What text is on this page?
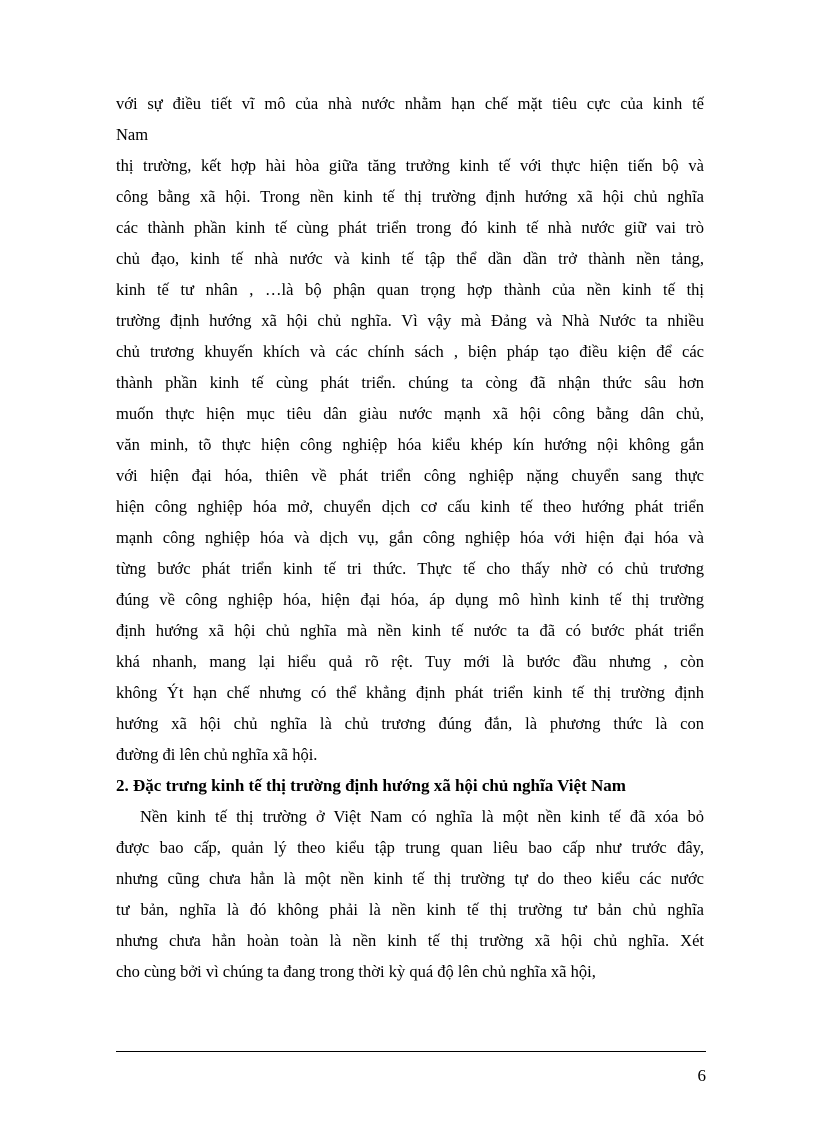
với sự điều tiết vĩ mô của nhà nước nhằm hạn chế mặt tiêu cực của kinh tế
Nam
thị trường, kết hợp hài hòa giữa tăng trưởng kinh tế với thực hiện tiến bộ và
công bằng xã hội. Trong nền kinh tế thị trường định hướng xã hội chủ nghĩa
các thành phần kinh tế cùng phát triển trong đó kinh tế nhà nước giữ vai trò
chủ đạo, kinh tế nhà nước và kinh tế tập thể dần dần trở thành nền tảng,
kinh tế tư nhân , …là bộ phận quan trọng hợp thành của nền kinh tế thị
trường định hướng xã hội chủ nghĩa. Vì vậy mà Đảng và Nhà Nước ta nhiều
chủ trương khuyến khích và các chính sách , biện pháp tạo điều kiện để các
thành phần kinh tế cùng phát triển. chúng ta còng đã nhận thức sâu hơn
muốn thực hiện mục tiêu dân giàu nước mạnh xã hội công bằng dân chủ,
văn minh, tõ thực hiện công nghiệp hóa kiểu khép kín hướng nội không gắn
với hiện đại hóa, thiên về phát triển công nghiệp nặng chuyển sang thực
hiện công nghiệp hóa mở, chuyển dịch cơ cấu kinh tế theo hướng phát triển
mạnh công nghiệp hóa và dịch vụ, gắn công nghiệp hóa với hiện đại hóa và
từng bước phát triển kinh tế tri thức. Thực tế cho thấy nhờ có chủ trương
đúng về công nghiệp hóa, hiện đại hóa, áp dụng mô hình kinh tế thị trường
định hướng xã hội chủ nghĩa mà nền kinh tế nước ta đã có bước phát triển
khá nhanh, mang lại hiểu quả rõ rệt. Tuy mới là bước đầu nhưng , còn
không Ýt hạn chế nhưng có thể khẳng định phát triển kinh tế thị trường định
hướng xã hội chủ nghĩa là chủ trương đúng đắn, là phương thức là con
đường đi lên chủ nghĩa xã hội.
2. Đặc trưng kinh tế thị trường định hướng xã hội chủ nghĩa Việt Nam
Nền kinh tế thị trường ở Việt Nam có nghĩa là một nền kinh tế đã xóa bỏ
được bao cấp, quản lý theo kiểu tập trung quan liêu bao cấp như trước đây,
nhưng cũng chưa hẳn là một nền kinh tế thị trường tự do theo kiểu các nước
tư bản, nghĩa là đó không phải là nền kinh tế thị trường tư bản chủ nghĩa
nhưng chưa hẳn hoàn toàn là nền kinh tế thị trường xã hội chủ nghĩa. Xét
cho cùng bởi vì chúng ta đang trong thời kỳ quá độ lên chủ nghĩa xã hội,
6
